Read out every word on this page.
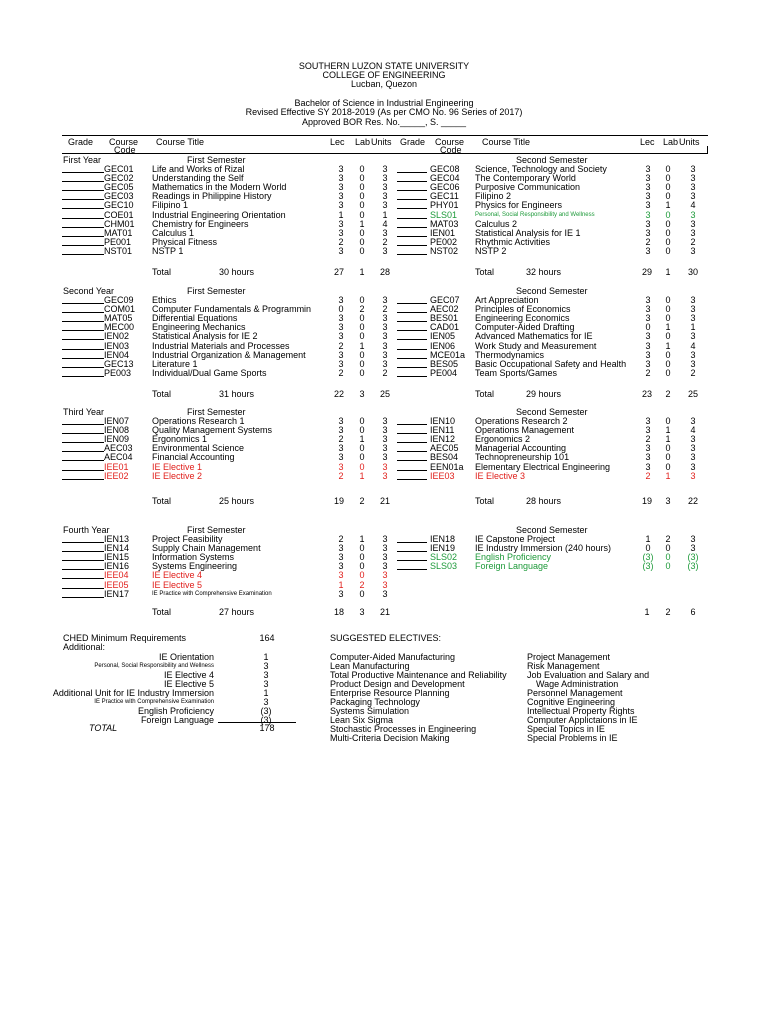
SOUTHERN LUZON STATE UNIVERSITY
COLLEGE OF ENGINEERING
Lucban, Quezon
Bachelor of Science in Industrial Engineering
Revised Effective SY 2018-2019 (As per CMO No. 96 Series of 2017)
Approved BOR Res. No._____, S. _____
Grade Course
Code
Course Title	Lec Lab Units Grade Course
Code
Course Title	Lec Lab Units
First Year	First Semester	Second Semester
GEC01 Life and Works of Rizal	3	0	3
GEC02 Understanding the Self	3	0	3
GEC05 Mathematics in the Modern World	3	0	3
GEC03 Readings in Philippine History	3	0	3
GEC10 Filipino 1	3	0	3
COE01 Industrial Engineering Orientation	1	0	1
CHM01 Chemistry for Engineers	3	1	4
MAT01 Calculus 1	3	0	3
PE001 Physical Fitness	2	0	2
NST01 NSTP 1	3	0	3
Total	30 hours	27	1	28
GEC08 Science, Technology and Society	3	0	3
GEC04 The Contemporary World	3	0	3
GEC06 Purposive Communication	3	0	3
GEC11 Filipino 2	3	0	3
PHY01 Physics for Engineers	3	1	4
SLS01	Personal, Social Responsibility and Wellness	3	0	3
MAT03 Calculus 2	3	0	3
IEN01 Statistical Analysis for IE 1	3	0	3
PE002 Rhythmic Activities	2	0	2
NST02 NSTP 2	3	0	3
Total	32 hours	29	1	30
Second Year	First Semester	Second Semester
GEC09 Ethics	3	0	3
COM01 Computer Fundamentals & Programmin	0	2	2
MAT05 Differential Equations	3	0	3
MEC00 Engineering Mechanics	3	0	3
IEN02	Statistical Analysis for IE 2	3	0	3
IEN03	Industrial Materials and Processes	2	1	3
IEN04	Industrial Organization & Management	3	0	3
GEC13 Literature 1	3	0	3
PE003 Individual/Dual Game Sports	2	0	2
Total	31 hours	22	3	25
GEC07 Art Appreciation	3	0	3
AEC02 Principles of Economics	3	0	3
BES01 Engineering Economics	3	0	3
CAD01 Computer-Aided Drafting	0	1	1
IEN05 Advanced Mathematics for IE	3	0	3
IEN06 Work Study and Measurement	3	1	4
MCE01a Thermodynamics	3	0	3
BES05 Basic Occupational Safety and Health	3	0	3
PE004 Team Sports/Games	2	0	2
Total	29 hours	23	2	25
Third Year	First Semester	Second Semester
IEN07	Operations Research 1	3	0	3
IEN08	Quality Management Systems	3	0	3
IEN09	Ergonomics 1	2	1	3
AEC03 Environmental Science	3	0	3
AEC04 Financial Accounting	3	0	3
IEE01	IE Elective 1	3	0	3
IEE02	IE Elective 2	2	1	3
Total	25 hours	19	2	21
IEN10 Operations Research 2	3	0	3
IEN11 Operations Management	3	1	4
IEN12 Ergonomics 2	2	1	3
AEC05 Managerial Accounting	3	0	3
BES04 Technopreneurship 101	3	0	3
EEN01a Elementary Electrical Engineering	3	0	3
IEE03 IE Elective 3	2	1	3
Total	28 hours	19	3	22
Fourth Year	First Semester	Second Semester
IEN13	Project Feasibility	2	1	3
IEN14	Supply Chain Management	3	0	3
IEN15	Information Systems	3	0	3
IEN16	Systems Engineering	3	0	3
IEE04	IE Elective 4	3	0	3
IEE05	IE Elective 5	1	2	3
IEN17	IE Practice with Comprehensive Examination	3	0	3
Total	27 hours	18	3	21
IEN18 IE Capstone Project	1	2	3
IEN19 IE Industry Immersion (240 hours)	0	0	3
SLS02 English Proficiency	(3)	0	(3)
SLS03 Foreign Language	(3)	0	(3)
1	2	6
CHED Minimum Requirements	164
Additional:
IE Orientation	1
Personal, Social Responsibility and Wellness	3
IE Elective 4	3
IE Elective 5	3
Additional Unit for IE Industry Immersion	1
IE Practice with Comprehensive Examination	3
English Proficiency	(3)
Foreign Language	(3)
TOTAL	178
SUGGESTED ELECTIVES:
Computer-Aided Manufacturing
Lean Manufacturing
Total Productive Maintenance and Reliability
Product Design and Development
Enterprise Resource Planning
Packaging Technology
Systems Simulation
Lean Six Sigma
Stochastic Processes in Engineering
Multi-Criteria Decision Making
Project Management
Risk Management
Job Evaluation and Salary and
Wage Administration
Personnel Management
Cognitive Engineering
Intellectual Property Rights
Computer Applictaions in IE
Special Topics in IE
Special Problems in IE
